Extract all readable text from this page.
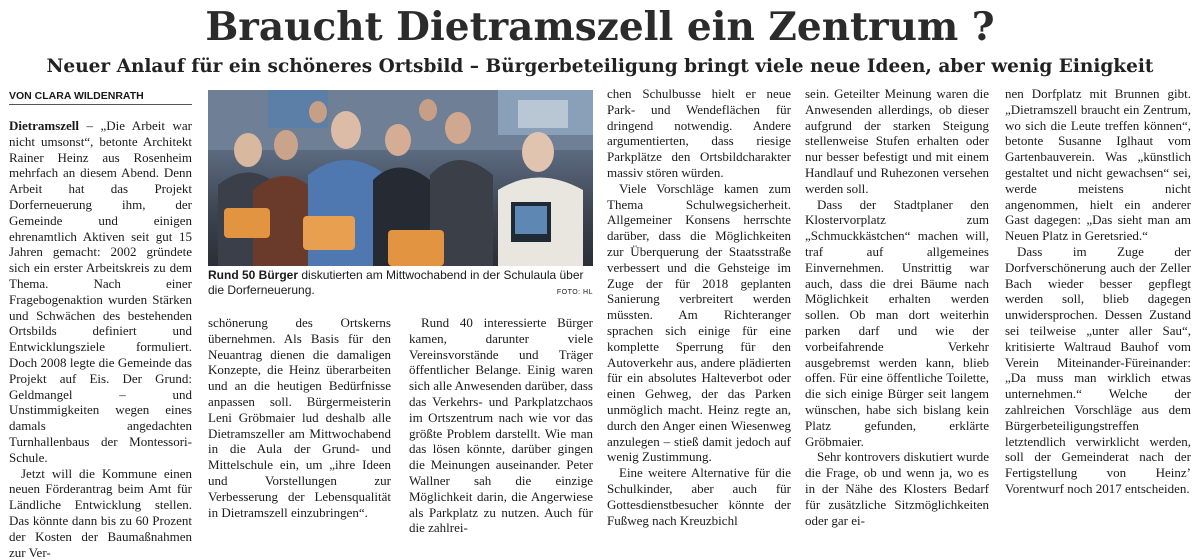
Braucht Dietramszell ein Zentrum ?
Neuer Anlauf für ein schöneres Ortsbild – Bürgerbeteiligung bringt viele neue Ideen, aber wenig Einigkeit
VON CLARA WILDENRATH

Dietramszell – „Die Arbeit war nicht umsonst“, betonte Architekt Rainer Heinz aus Rosenheim mehrfach an diesem Abend. Denn Arbeit hat das Projekt Dorferneuerung ihm, der Gemeinde und einigen ehrenamtlich Aktiven seit gut 15 Jahren gemacht: 2002 gründete sich ein erster Arbeitskreis zu dem Thema. Nach einer Fragebogenaktion wurden Stärken und Schwächen des bestehenden Ortsbilds definiert und Entwicklungsziele formuliert. Doch 2008 legte die Gemeinde das Projekt auf Eis. Der Grund: Geldmangel – und Unstimmigkeiten wegen eines damals angedachten Turnhallenbaus der Montessori-Schule.

Jetzt will die Kommune einen neuen Förderantrag beim Amt für Ländliche Entwicklung stellen. Das könnte dann bis zu 60 Prozent der Kosten der Baumaßnahmen zur Ver-

Rund 50 Bürger diskutierten am Mittwochabend in der Schulaula über die Dorferneuerung.	FOTO: HL

schönerung des Ortskerns übernehmen. Als Basis für den Neuantrag dienen die damaligen Konzepte, die Heinz überarbeiten und an die heutigen Bedürfnisse anpassen soll. Bürgermeisterin Leni Gröbmaier lud deshalb alle Dietramszeller am Mittwochabend in die Aula der Grund- und Mittelschule ein, um „ihre Ideen und Vorstellungen zur Verbesserung der Lebensqualität in Dietramszell einzubringen“.

Rund 40 interessierte Bürger kamen, darunter viele Vereinsvorstände und Träger öffentlicher Belange. Einig waren sich alle Anwesenden darüber, dass das Verkehrs- und Parkplatzchaos im Ortszentrum nach wie vor das größte Problem darstellt. Wie man das lösen könnte, darüber gingen die Meinungen auseinander. Peter Wallner sah die einzige Möglichkeit darin, die Angerwiese als Parkplatz zu nutzen. Auch für die zahlrei-

chen Schulbusse hielt er neue Park- und Wendeflächen für dringend notwendig. Andere argumentierten, dass riesige Parkplätze den Ortsbildcharakter massiv stören würden.

Viele Vorschläge kamen zum Thema Schulwegsicherheit. Allgemeiner Konsens herrschte darüber, dass die Möglichkeiten zur Überquerung der Staatsstraße verbessert und die Gehsteige im Zuge der für 2018 geplanten Sanierung verbreitert werden müssten. Am Richteranger sprachen sich einige für eine komplette Sperrung für den Autoverkehr aus, andere plädierten für ein absolutes Halteverbot oder einen Gehweg, der das Parken unmöglich macht. Heinz regte an, durch den Anger einen Wiesenweg anzulegen – stieß damit jedoch auf wenig Zustimmung.

Eine weitere Alternative für die Schulkinder, aber auch für Gottesdienstbesucher könnte der Fußweg nach Kreuzbichl

sein. Geteilter Meinung waren die Anwesenden allerdings, ob dieser aufgrund der starken Steigung stellenweise Stufen erhalten oder nur besser befestigt und mit einem Handlauf und Ruhezonen versehen werden soll.

Dass der Stadtplaner den Klostervorplatz zum „Schmuckkästchen“ machen will, traf auf allgemeines Einvernehmen. Unstrittig war auch, dass die drei Bäume nach Möglichkeit erhalten werden sollen. Ob man dort weiterhin parken darf und wie der vorbeifahrende Verkehr ausgebremst werden kann, blieb offen. Für eine öffentliche Toilette, die sich einige Bürger seit langem wünschen, habe sich bislang kein Platz gefunden, erklärte Gröbmaier.

Sehr kontrovers diskutiert wurde die Frage, ob und wenn ja, wo es in der Nähe des Klosters Bedarf für zusätzliche Sitzmöglichkeiten oder gar ei-

nen Dorfplatz mit Brunnen gibt. „Dietramszell braucht ein Zentrum, wo sich die Leute treffen können“, betonte Susanne Iglhaut vom Gartenbauverein. Was „künstlich gestaltet und nicht gewachsen“ sei, werde meistens nicht angenommen, hielt ein anderer Gast dagegen: „Das sieht man am Neuen Platz in Geretsried.“

Dass im Zuge der Dorfverschönerung auch der Zeller Bach wieder besser gepflegt werden soll, blieb dagegen unwidersprochen. Dessen Zustand sei teilweise „unter aller Sau“, kritisierte Waltraud Bauhof vom Verein Miteinander-Füreinander: „Da muss man wirklich etwas unternehmen.“ Welche der zahlreichen Vorschläge aus dem Bürgerbeteiligungstreffen letztendlich verwirklicht werden, soll der Gemeinderat nach der Fertigstellung von Heinz’ Vorentwurf noch 2017 entscheiden.
